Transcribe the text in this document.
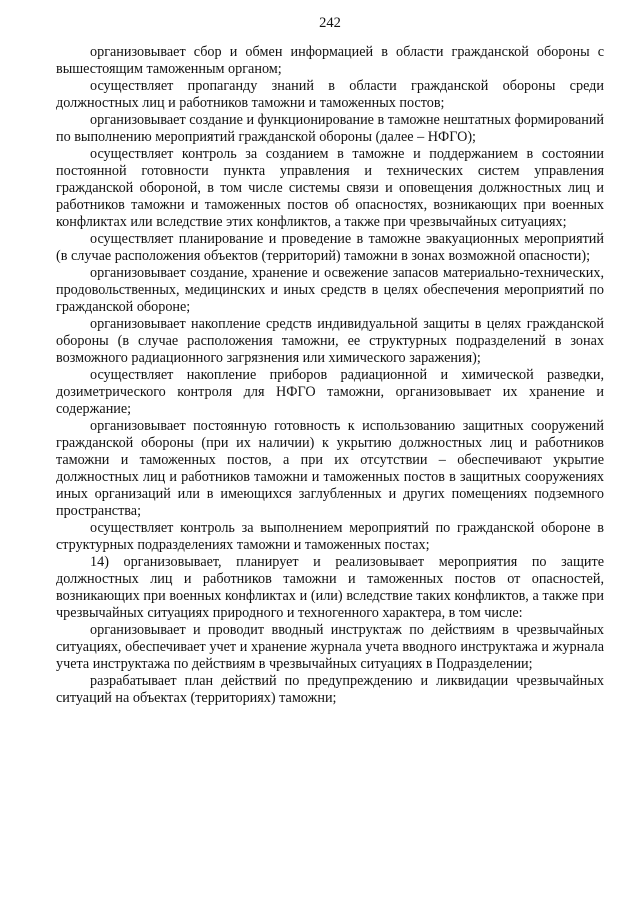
242

организовывает сбор и обмен информацией в области гражданской обороны с вышестоящим таможенным органом;

осуществляет пропаганду знаний в области гражданской обороны среди должностных лиц и работников таможни и таможенных постов;

организовывает создание и функционирование в таможне нештатных формирований по выполнению мероприятий гражданской обороны (далее – НФГО);

осуществляет контроль за созданием в таможне и поддержанием в состоянии постоянной готовности пункта управления и технических систем управления гражданской обороной, в том числе системы связи и оповещения должностных лиц и работников таможни и таможенных постов об опасностях, возникающих при военных конфликтах или вследствие этих конфликтов, а также при чрезвычайных ситуациях;

осуществляет планирование и проведение в таможне эвакуационных мероприятий (в случае расположения объектов (территорий) таможни в зонах возможной опасности);

организовывает создание, хранение и освежение запасов материально-технических, продовольственных, медицинских и иных средств в целях обеспечения мероприятий по гражданской обороне;

организовывает накопление средств индивидуальной защиты в целях гражданской обороны (в случае расположения таможни, ее структурных подразделений в зонах возможного радиационного загрязнения или химического заражения);

осуществляет накопление приборов радиационной и химической разведки, дозиметрического контроля для НФГО таможни, организовывает их хранение и содержание;

организовывает постоянную готовность к использованию защитных сооружений гражданской обороны (при их наличии) к укрытию должностных лиц и работников таможни и таможенных постов, а при их отсутствии – обеспечивают укрытие должностных лиц и работников таможни и таможенных постов в защитных сооружениях иных организаций или в имеющихся заглубленных и других помещениях подземного пространства;

осуществляет контроль за выполнением мероприятий по гражданской обороне в структурных подразделениях таможни и таможенных постах;

14) организовывает, планирует и реализовывает мероприятия по защите должностных лиц и работников таможни и таможенных постов от опасностей, возникающих при военных конфликтах и (или) вследствие таких конфликтов, а также при чрезвычайных ситуациях природного и техногенного характера, в том числе:

организовывает и проводит вводный инструктаж по действиям в чрезвычайных ситуациях, обеспечивает учет и хранение журнала учета вводного инструктажа и журнала учета инструктажа по действиям в чрезвычайных ситуациях в Подразделении;

разрабатывает план действий по предупреждению и ликвидации чрезвычайных ситуаций на объектах (территориях) таможни;
